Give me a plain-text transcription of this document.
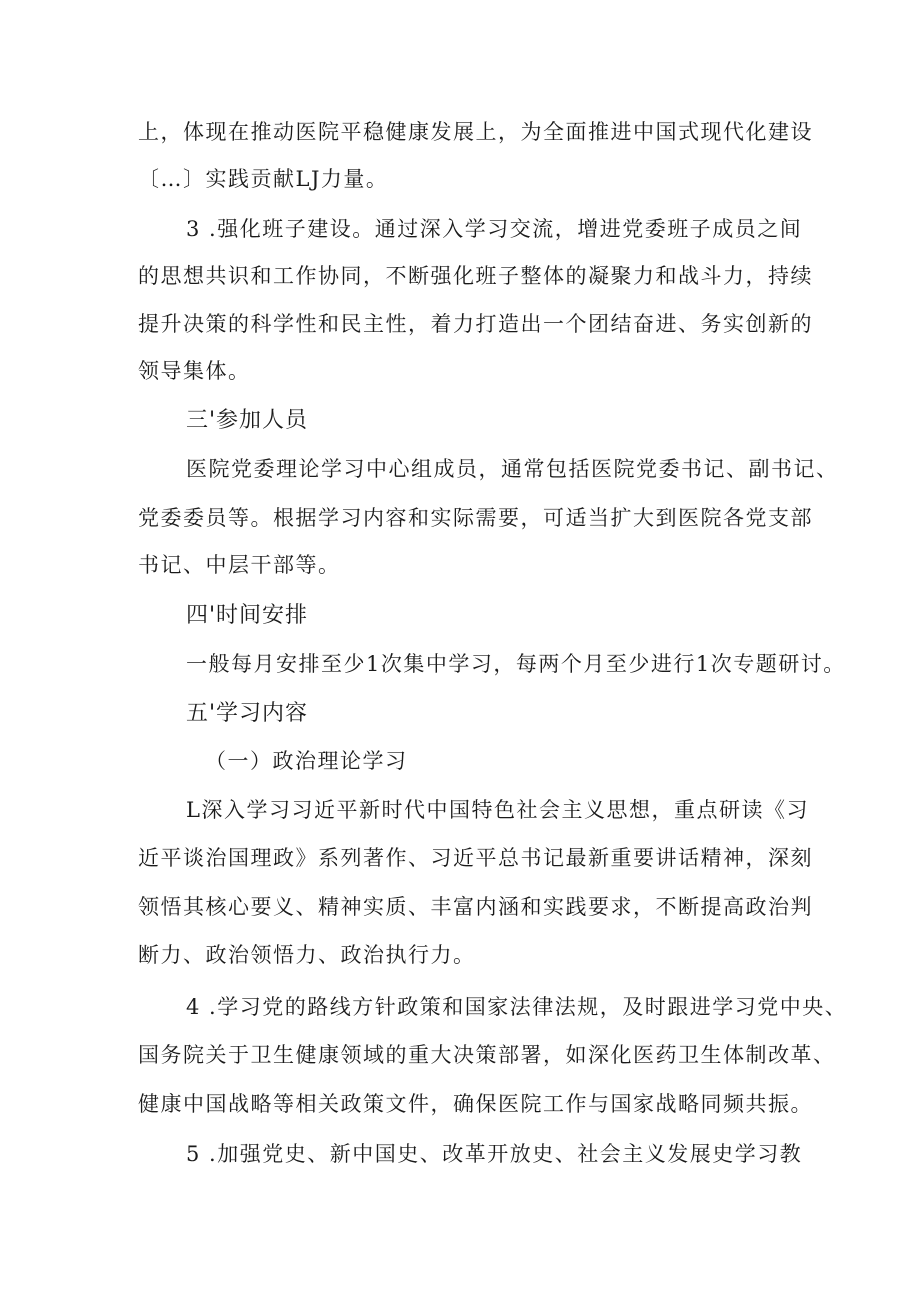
上，体现在推动医院平稳健康发展上，为全面推进中国式现代化建设
〔…〕实践贡献LJ力量。
3 .强化班子建设。通过深入学习交流，增进党委班子成员之间
的思想共识和工作协同，不断强化班子整体的凝聚力和战斗力，持续
提升决策的科学性和民主性，着力打造出一个团结奋进、务实创新的
领导集体。
三'参加人员
医院党委理论学习中心组成员，通常包括医院党委书记、副书记、
党委委员等。根据学习内容和实际需要，可适当扩大到医院各党支部
书记、中层干部等。
四'时间安排
一般每月安排至少1次集中学习，每两个月至少进行1次专题研讨。
五'学习内容
（一）政治理论学习
L深入学习习近平新时代中国特色社会主义思想，重点研读《习
近平谈治国理政》系列著作、习近平总书记最新重要讲话精神，深刻
领悟其核心要义、精神实质、丰富内涵和实践要求，不断提高政治判
断力、政治领悟力、政治执行力。
4 .学习党的路线方针政策和国家法律法规，及时跟进学习党中央、
国务院关于卫生健康领域的重大决策部署，如深化医药卫生体制改革、
健康中国战略等相关政策文件，确保医院工作与国家战略同频共振。
5 .加强党史、新中国史、改革开放史、社会主义发展史学习教
